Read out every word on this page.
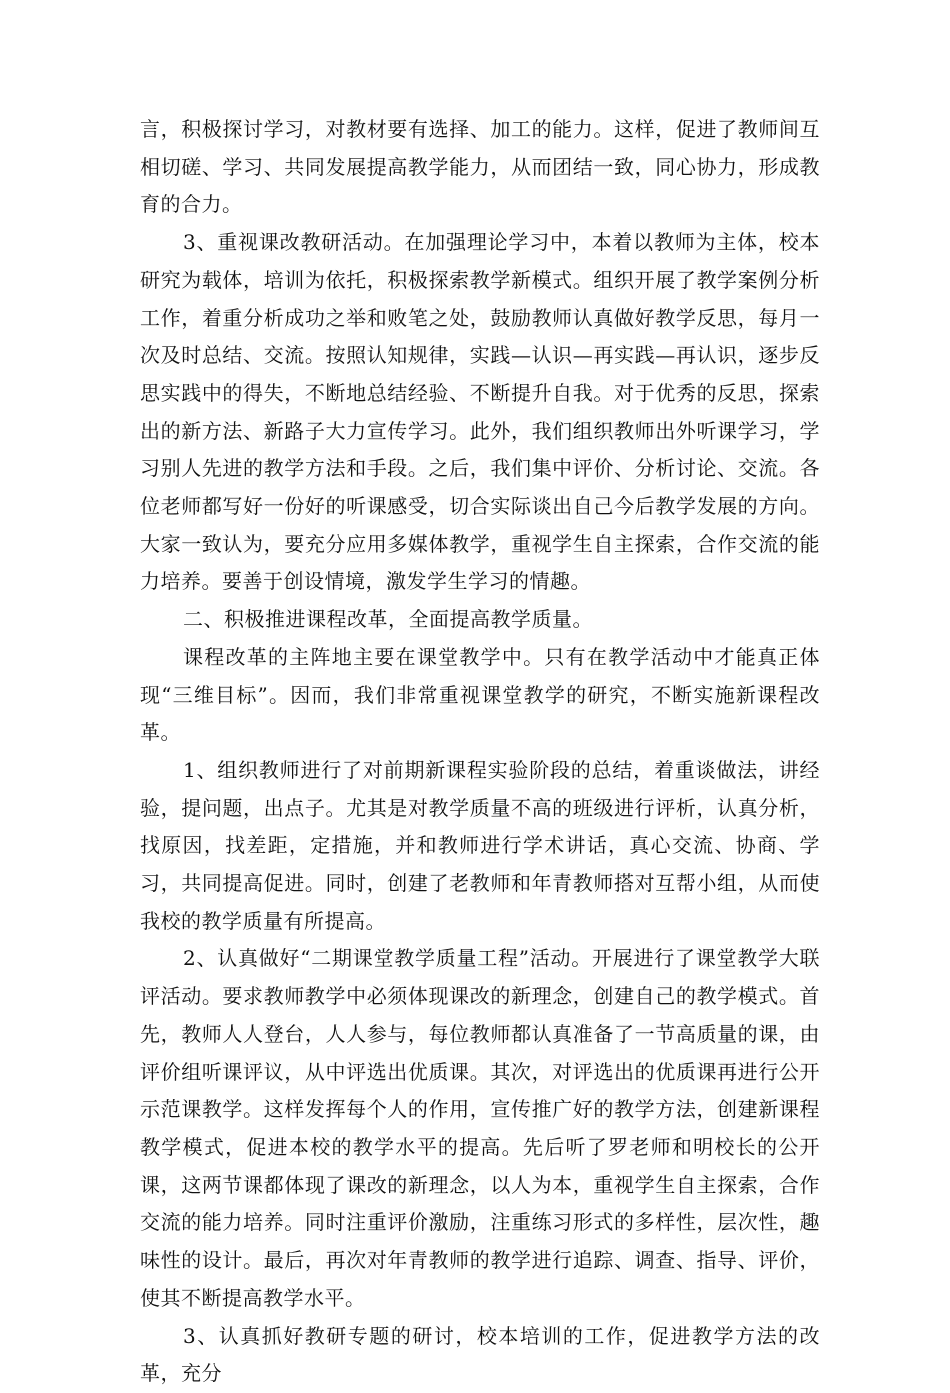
言，积极探讨学习，对教材要有选择、加工的能力。这样，促进了教师间互相切磋、学习、共同发展提高教学能力，从而团结一致，同心协力，形成教育的合力。

3、重视课改教研活动。在加强理论学习中，本着以教师为主体，校本研究为载体，培训为依托，积极探索教学新模式。组织开展了教学案例分析工作，着重分析成功之举和败笔之处，鼓励教师认真做好教学反思，每月一次及时总结、交流。按照认知规律，实践—认识—再实践—再认识，逐步反思实践中的得失，不断地总结经验、不断提升自我。对于优秀的反思，探索出的新方法、新路子大力宣传学习。此外，我们组织教师出外听课学习，学习别人先进的教学方法和手段。之后，我们集中评价、分析讨论、交流。各位老师都写好一份好的听课感受，切合实际谈出自己今后教学发展的方向。大家一致认为，要充分应用多媒体教学，重视学生自主探索，合作交流的能力培养。要善于创设情境，激发学生学习的情趣。

二、积极推进课程改革，全面提高教学质量。

课程改革的主阵地主要在课堂教学中。只有在教学活动中才能真正体现“三维目标”。因而，我们非常重视课堂教学的研究，不断实施新课程改革。

1、组织教师进行了对前期新课程实验阶段的总结，着重谈做法，讲经验，提问题，出点子。尤其是对教学质量不高的班级进行评析，认真分析，找原因，找差距，定措施，并和教师进行学术讲话，真心交流、协商、学习，共同提高促进。同时，创建了老教师和年青教师搭对互帮小组，从而使我校的教学质量有所提高。

2、认真做好“二期课堂教学质量工程”活动。开展进行了课堂教学大联评活动。要求教师教学中必须体现课改的新理念，创建自己的教学模式。首先，教师人人登台，人人参与，每位教师都认真准备了一节高质量的课，由评价组听课评议，从中评选出优质课。其次，对评选出的优质课再进行公开示范课教学。这样发挥每个人的作用，宣传推广好的教学方法，创建新课程教学模式，促进本校的教学水平的提高。先后听了罗老师和明校长的公开课，这两节课都体现了课改的新理念，以人为本，重视学生自主探索，合作交流的能力培养。同时注重评价激励，注重练习形式的多样性，层次性，趣味性的设计。最后，再次对年青教师的教学进行追踪、调查、指导、评价，使其不断提高教学水平。

3、认真抓好教研专题的研讨，校本培训的工作，促进教学方法的改革，充分
